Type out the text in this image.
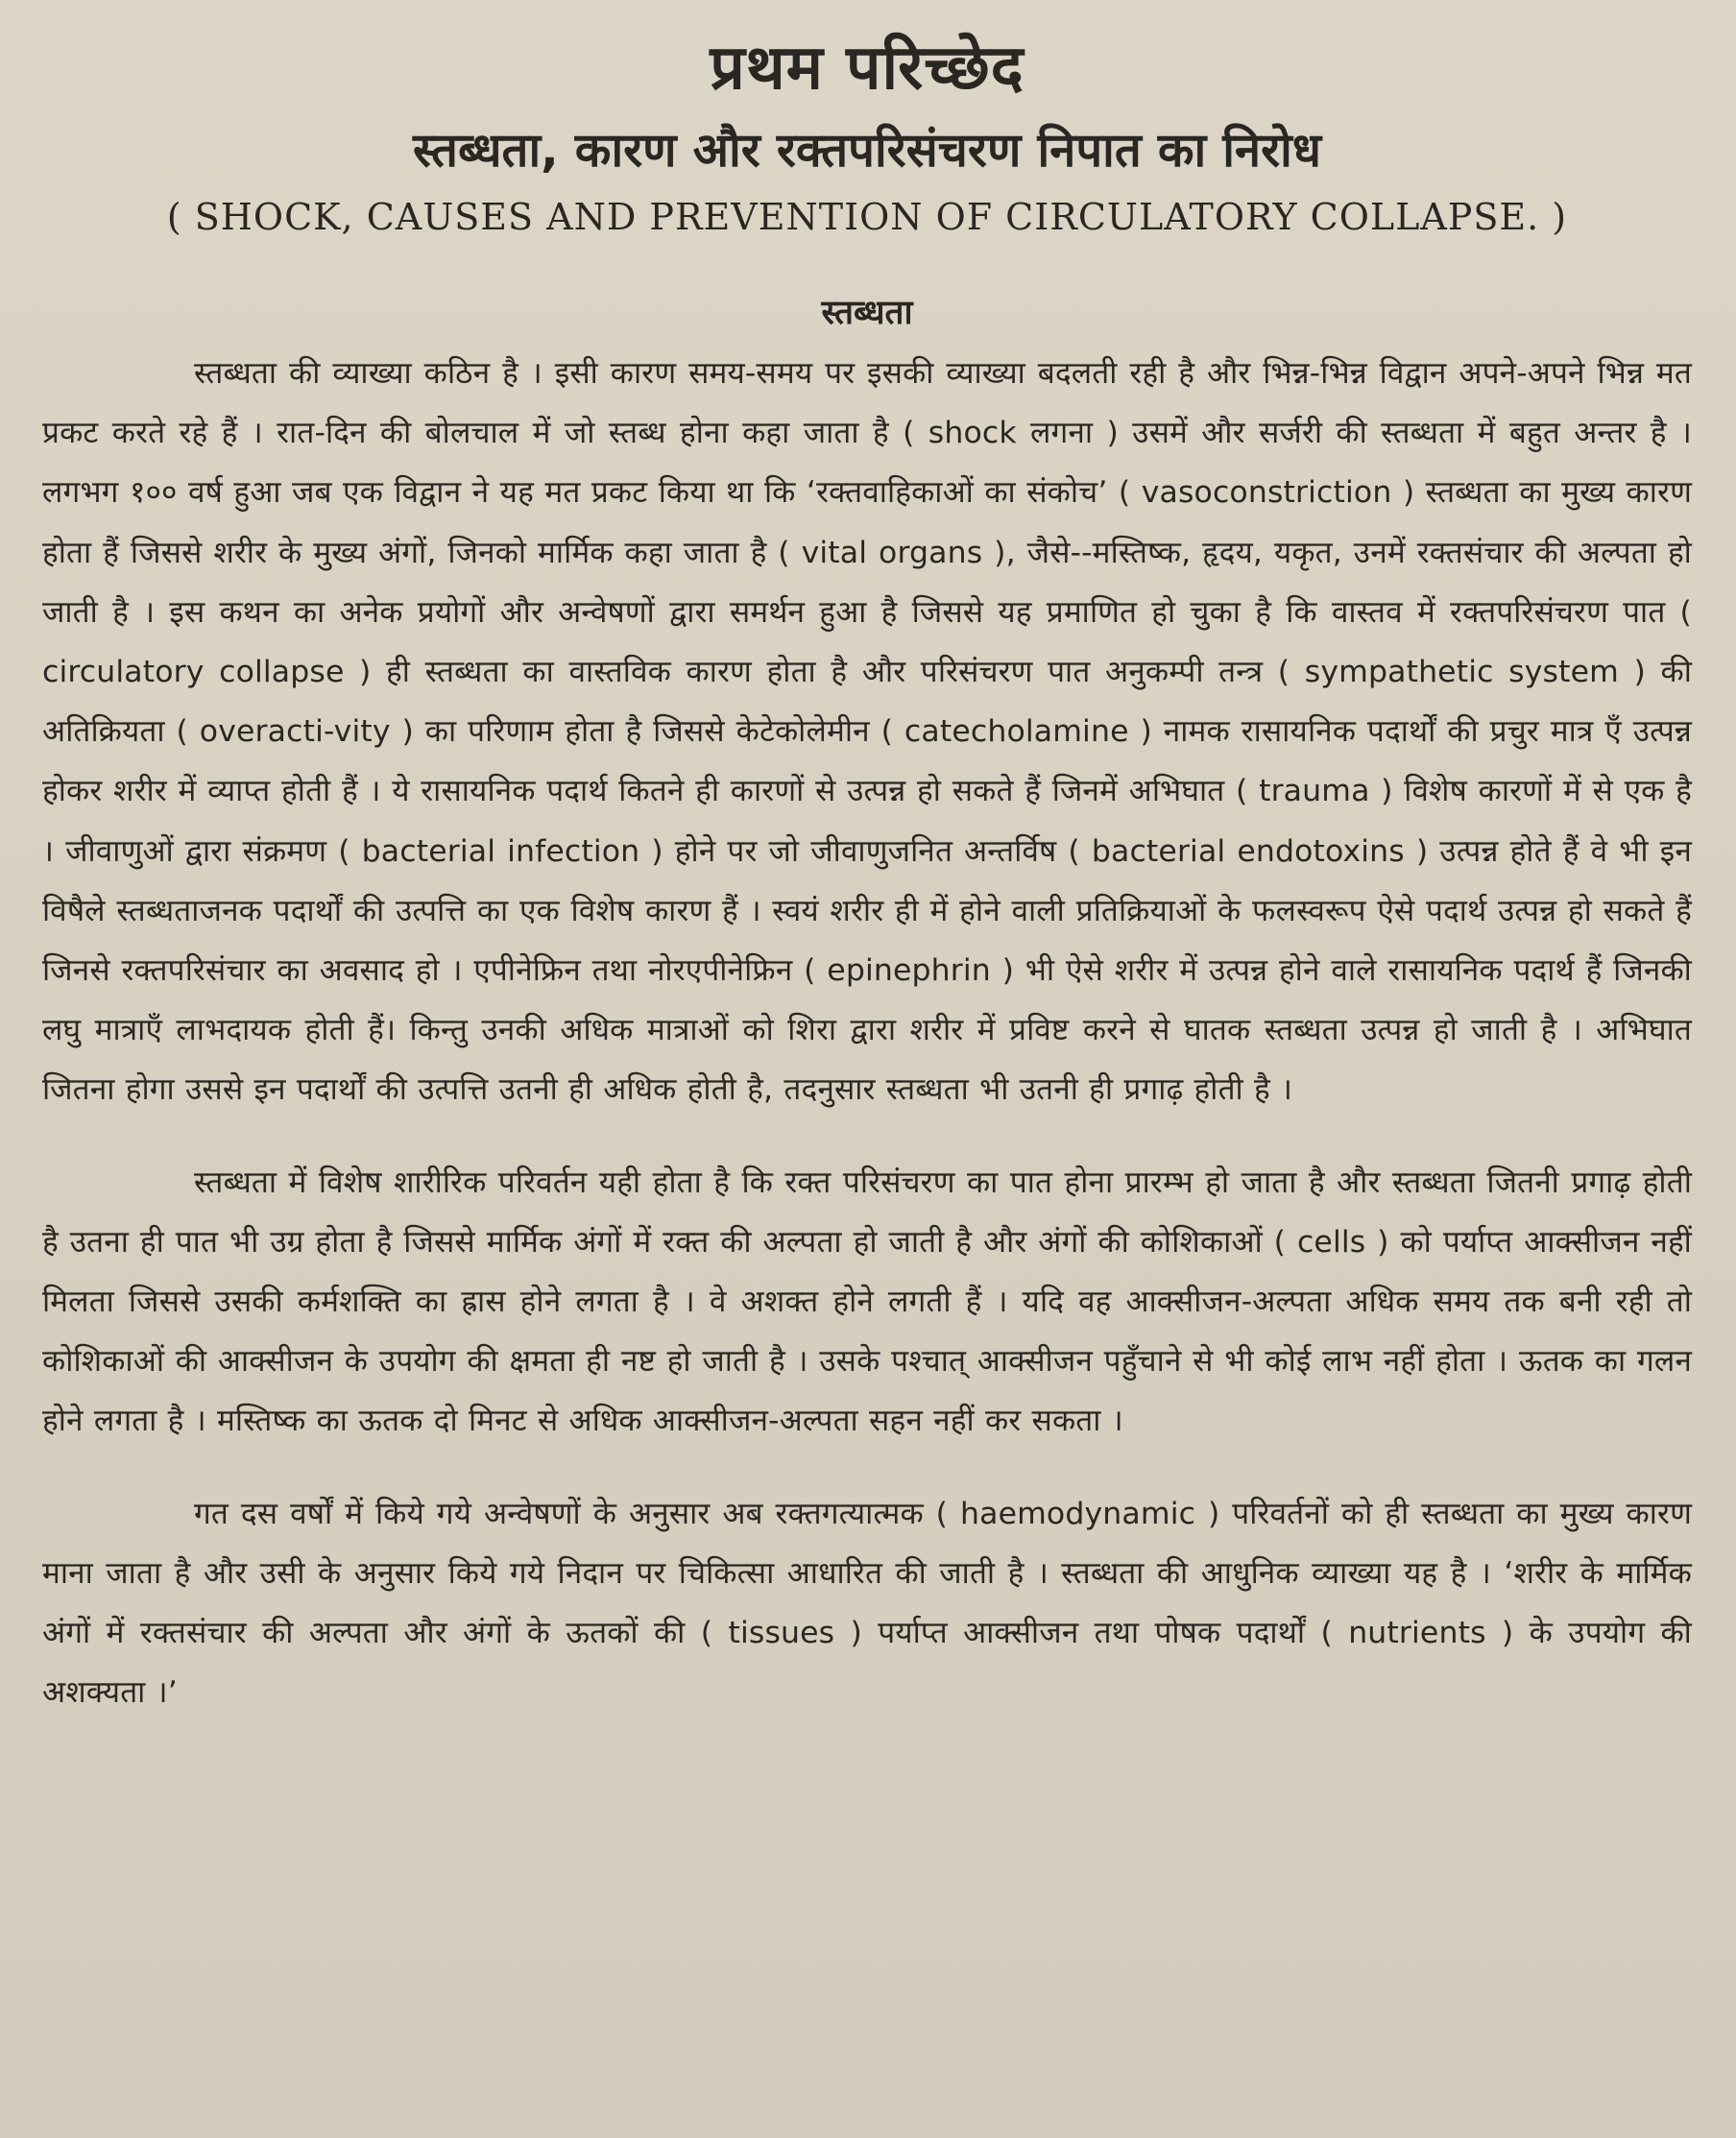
प्रथम परिच्छेद
स्तब्धता, कारण और रक्तपरिसंचरण निपात का निरोध
( SHOCK, CAUSES AND PREVENTION OF CIRCULATORY COLLAPSE. )
स्तब्धता

स्तब्धता की व्याख्या कठिन है । इसी कारण समय-समय पर इसकी व्याख्या बदलती रही है और भिन्न-भिन्न विद्वान अपने-अपने भिन्न मत प्रकट करते रहे हैं । रात-दिन की बोलचाल में जो स्तब्ध होना कहा जाता है ( shock लगना ) उसमें और सर्जरी की स्तब्धता में बहुत अन्तर है । लगभग १०० वर्ष हुआ जब एक विद्वान ने यह मत प्रकट किया था कि ‘रक्तवाहिकाओं का संकोच’ ( vasoconstriction ) स्तब्धता का मुख्य कारण होता हैं जिससे शरीर के मुख्य अंगों, जिनको मार्मिक कहा जाता है ( vital organs ), जैसे--मस्तिष्क, हृदय, यकृत, उनमें रक्तसंचार की अल्पता हो जाती है । इस कथन का अनेक प्रयोगों और अन्वेषणों द्वारा समर्थन हुआ है जिससे यह प्रमाणित हो चुका है कि वास्तव में रक्तपरिसंचरण पात ( circulatory collapse ) ही स्तब्धता का वास्तविक कारण होता है और परिसंचरण पात अनुकम्पी तन्त्र ( sympathetic system ) की अतिक्रियता ( overacti-vity ) का परिणाम होता है जिससे केटेकोलेमीन ( catecholamine ) नामक रासायनिक पदार्थों की प्रचुर मात्र एँ उत्पन्न होकर शरीर में व्याप्त होती हैं । ये रासायनिक पदार्थ कितने ही कारणों से उत्पन्न हो सकते हैं जिनमें अभिघात ( trauma ) विशेष कारणों में से एक है । जीवाणुओं द्वारा संक्रमण ( bacterial infection ) होने पर जो जीवाणुजनित अन्तर्विष ( bacterial endotoxins ) उत्पन्न होते हैं वे भी इन विषैले स्तब्धताजनक पदार्थों की उत्पत्ति का एक विशेष कारण हैं । स्वयं शरीर ही में होने वाली प्रतिक्रियाओं के फलस्वरूप ऐसे पदार्थ उत्पन्न हो सकते हैं जिनसे रक्तपरिसंचार का अवसाद हो । एपीनेफ्रिन तथा नोरएपीनेफ्रिन ( epinephrin ) भी ऐसे शरीर में उत्पन्न होने वाले रासायनिक पदार्थ हैं जिनकी लघु मात्राएँ लाभदायक होती हैं। किन्तु उनकी अधिक मात्राओं को शिरा द्वारा शरीर में प्रविष्ट करने से घातक स्तब्धता उत्पन्न हो जाती है । अभिघात जितना होगा उससे इन पदार्थों की उत्पत्ति उतनी ही अधिक होती है, तदनुसार स्तब्धता भी उतनी ही प्रगाढ़ होती है ।

स्तब्धता में विशेष शारीरिक परिवर्तन यही होता है कि रक्त परिसंचरण का पात होना प्रारम्भ हो जाता है और स्तब्धता जितनी प्रगाढ़ होती है उतना ही पात भी उग्र होता है जिससे मार्मिक अंगों में रक्त की अल्पता हो जाती है और अंगों की कोशिकाओं ( cells ) को पर्याप्त आक्सीजन नहीं मिलता जिससे उसकी कर्मशक्ति का ह्रास होने लगता है । वे अशक्त होने लगती हैं । यदि वह आक्सीजन-अल्पता अधिक समय तक बनी रही तो कोशिकाओं की आक्सीजन के उपयोग की क्षमता ही नष्ट हो जाती है । उसके पश्चात् आक्सीजन पहुँचाने से भी कोई लाभ नहीं होता । ऊतक का गलन होने लगता है । मस्तिष्क का ऊतक दो मिनट से अधिक आक्सीजन-अल्पता सहन नहीं कर सकता ।

गत दस वर्षों में किये गये अन्वेषणों के अनुसार अब रक्तगत्यात्मक ( haemodynamic ) परिवर्तनों को ही स्तब्धता का मुख्य कारण माना जाता है और उसी के अनुसार किये गये निदान पर चिकित्सा आधारित की जाती है । स्तब्धता की आधुनिक व्याख्या यह है । ‘शरीर के मार्मिक अंगों में रक्तसंचार की अल्पता और अंगों के ऊतकों की ( tissues ) पर्याप्त आक्सीजन तथा पोषक पदार्थों ( nutrients ) के उपयोग की अशक्यता ।’
